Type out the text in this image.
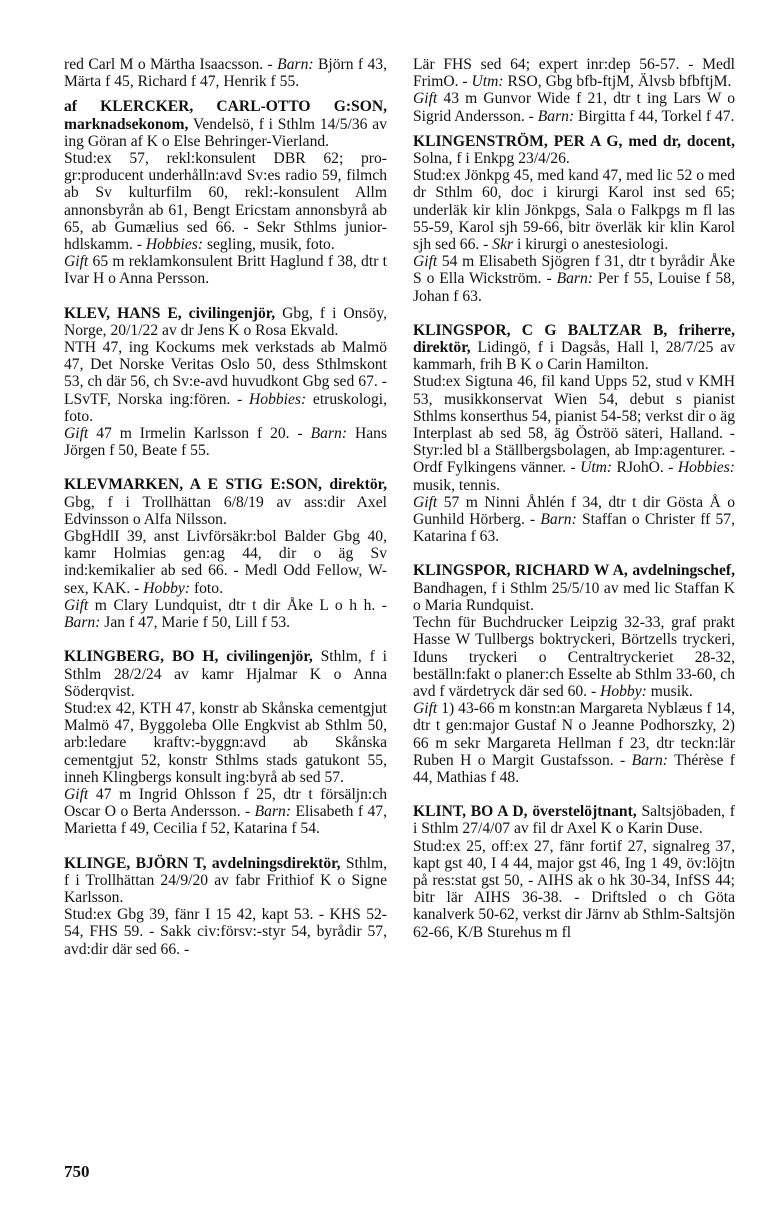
red Carl M o Märtha Isaacsson. - Barn: Björn f 43, Märta f 45, Richard f 47, Henrik f 55.

af KLERCKER, CARL-OTTO G:SON, marknadsekonom, Vendelsö, f i Sthlm 14/5/36 av ing Göran af K o Else Behringer-Vierland.

Stud:ex 57, rekl:konsulent DBR 62; pro-gr:producent underhålln:avd Sv:es radio 59, filmch ab Sv kulturfilm 60, rekl:-konsulent Allm annonsbyrån ab 61, Bengt Ericstam annonsbyrå ab 65, ab Gumælius sed 66. - Sekr Sthlms junior-hdlskamm. - Hobbies: segling, musik, foto.

Gift 65 m reklamkonsulent Britt Haglund f 38, dtr t Ivar H o Anna Persson.

KLEV, HANS E, civilingenjör, Gbg, f i Onsöy, Norge, 20/1/22 av dr Jens K o Rosa Ekvald.

NTH 47, ing Kockums mek verkstads ab Malmö 47, Det Norske Veritas Oslo 50, dess Sthlmskont 53, ch där 56, ch Sv:e-avd huvudkont Gbg sed 67. - LSvTF, Norska ing:fören. - Hobbies: etruskologi, foto.

Gift 47 m Irmelin Karlsson f 20. - Barn: Hans Jörgen f 50, Beate f 55.

KLEVMARKEN, A E STIG E:SON, direktör, Gbg, f i Trollhättan 6/8/19 av ass:dir Axel Edvinsson o Alfa Nilsson.

GbgHdlI 39, anst Livförsäkr:bol Balder Gbg 40, kamr Holmias gen:ag 44, dir o äg Sv ind:kemikalier ab sed 66. - Medl Odd Fellow, W-sex, KAK. - Hobby: foto.

Gift m Clary Lundquist, dtr t dir Åke L o h h. - Barn: Jan f 47, Marie f 50, Lill f 53.

KLINGBERG, BO H, civilingenjör, Sthlm, f i Sthlm 28/2/24 av kamr Hjalmar K o Anna Söderqvist.

Stud:ex 42, KTH 47, konstr ab Skånska cementgjut Malmö 47, Byggoleba Olle Engkvist ab Sthlm 50, arb:ledare kraftv:-byggn:avd ab Skånska cementgjut 52, konstr Sthlms stads gatukont 55, inneh Klingbergs konsult ing:byrå ab sed 57.

Gift 47 m Ingrid Ohlsson f 25, dtr t försäljn:ch Oscar O o Berta Andersson. - Barn: Elisabeth f 47, Marietta f 49, Cecilia f 52, Katarina f 54.

KLINGE, BJÖRN T, avdelningsdirektör, Sthlm, f i Trollhättan 24/9/20 av fabr Frithiof K o Signe Karlsson.

Stud:ex Gbg 39, fänr I 15 42, kapt 53. - KHS 52-54, FHS 59. - Sakk civ:försv:-styr 54, byrådir 57, avd:dir där sed 66. -

Lär FHS sed 64; expert inr:dep 56-57. - Medl FrimO. - Utm: RSO, Gbg bfb-ftjM, Älvsb bfbftjM.

Gift 43 m Gunvor Wide f 21, dtr t ing Lars W o Sigrid Andersson. - Barn: Birgitta f 44, Torkel f 47.

KLINGENSTRÖM, PER A G, med dr, docent, Solna, f i Enkpg 23/4/26.

Stud:ex Jönkpg 45, med kand 47, med lic 52 o med dr Sthlm 60, doc i kirurgi Karol inst sed 65; underläk kir klin Jönkpgs, Sala o Falkpgs m fl las 55-59, Karol sjh 59-66, bitr överläk kir klin Karol sjh sed 66. - Skr i kirurgi o anestesiologi.

Gift 54 m Elisabeth Sjögren f 31, dtr t byrådir Åke S o Ella Wickström. - Barn: Per f 55, Louise f 58, Johan f 63.

KLINGSPOR, C G BALTZAR B, friherre, direktör, Lidingö, f i Dagsås, Hall l, 28/7/25 av kammarh, frih B K o Carin Hamilton.

Stud:ex Sigtuna 46, fil kand Upps 52, stud v KMH 53, musikkonservat Wien 54, debut s pianist Sthlms konserthus 54, pianist 54-58; verkst dir o äg Interplast ab sed 58, äg Öströö säteri, Halland. - Styr:led bl a Ställbergsbolagen, ab Imp:agenturer. - Ordf Fylkingens vänner. - Utm: RJohO. - Hobbies: musik, tennis.

Gift 57 m Ninni Åhlén f 34, dtr t dir Gösta Å o Gunhild Hörberg. - Barn: Staffan o Christer ff 57, Katarina f 63.

KLINGSPOR, RICHARD W A, avdelningschef, Bandhagen, f i Sthlm 25/5/10 av med lic Staffan K o Maria Rundquist.

Techn für Buchdrucker Leipzig 32-33, graf prakt Hasse W Tullbergs boktryckeri, Börtzells tryckeri, Iduns tryckeri o Centraltryckeriet 28-32, beställn:fakt o planer:ch Esselte ab Sthlm 33-60, ch avd f värdetryck där sed 60. - Hobby: musik.

Gift 1) 43-66 m konstn:an Margareta Nyblæus f 14, dtr t gen:major Gustaf N o Jeanne Podhorszky, 2) 66 m sekr Margareta Hellman f 23, dtr teckn:lär Ruben H o Margit Gustafsson. - Barn: Thérèse f 44, Mathias f 48.

KLINT, BO A D, överstelöjtnant, Saltsjöbaden, f i Sthlm 27/4/07 av fil dr Axel K o Karin Duse.

Stud:ex 25, off:ex 27, fänr fortif 27, signalreg 37, kapt gst 40, I 4 44, major gst 46, Ing 1 49, öv:löjtn på res:stat gst 50, - AIHS ak o hk 30-34, InfSS 44; bitr lär AIHS 36-38. - Driftsled o ch Göta kanalverk 50-62, verkst dir Järnv ab Sthlm-Saltsjön 62-66, K/B Sturehus m fl

750
